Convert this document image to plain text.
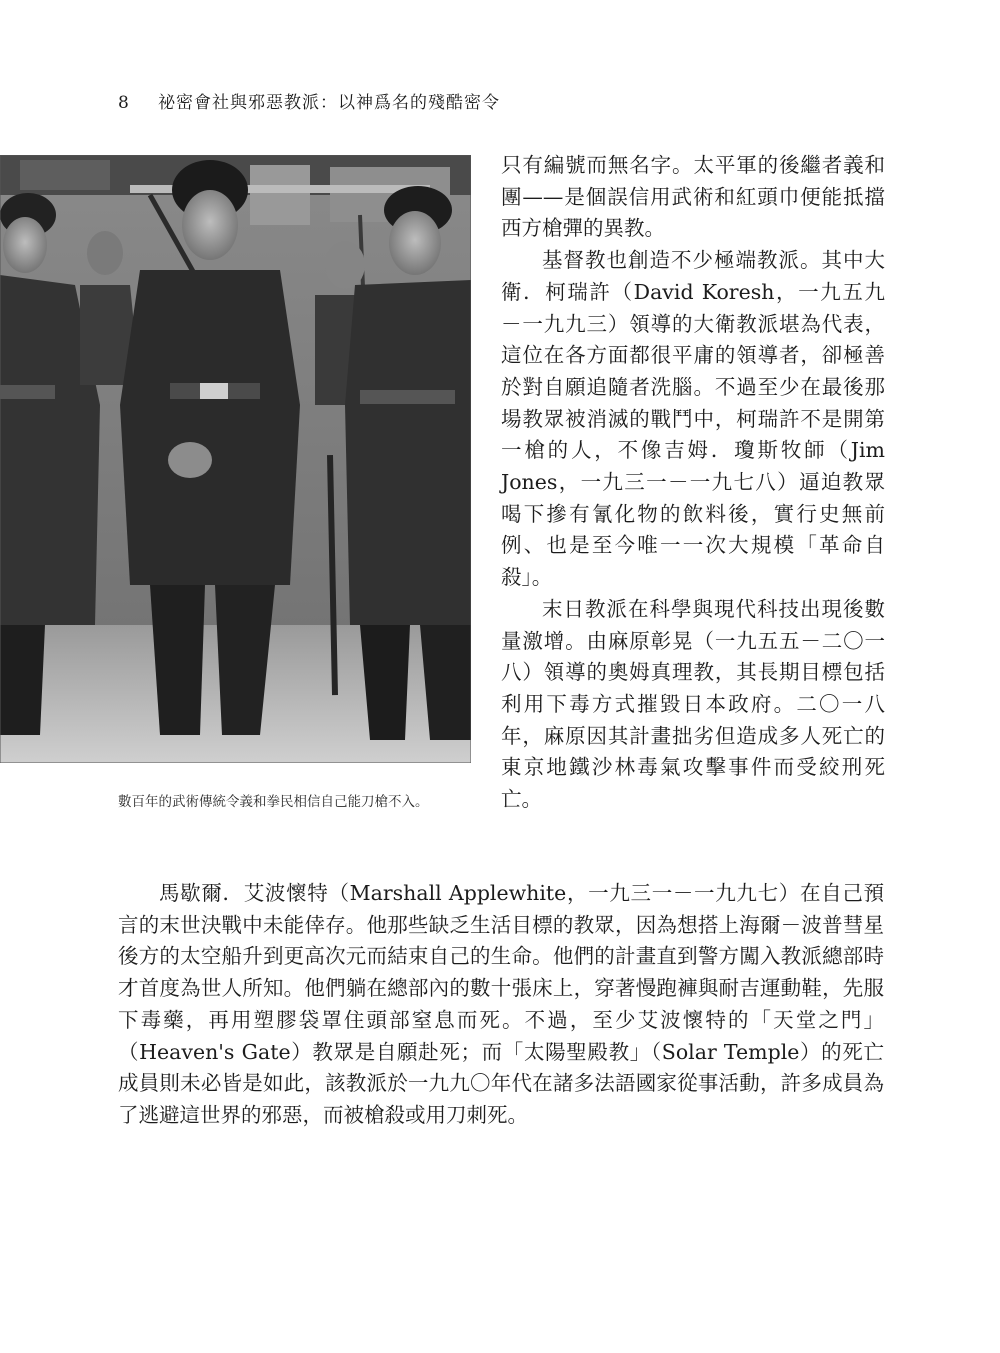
8 祕密會社與邪惡教派：以神爲名的殘酷密令
數百年的武術傳統令義和拳民相信自己能刀槍不入。

只有編號而無名字。太平軍的後繼者義和團——是個誤信用武術和紅頭巾便能抵擋西方槍彈的異教。

基督教也創造不少極端教派。其中大衛．柯瑞許（David Koresh，一九五九－一九九三）領導的大衛教派堪為代表，這位在各方面都很平庸的領導者，卻極善於對自願追隨者洗腦。不過至少在最後那場教眾被消滅的戰鬥中，柯瑞許不是開第一槍的人，不像吉姆．瓊斯牧師（Jim Jones，一九三一－一九七八）逼迫教眾喝下摻有氰化物的飲料後，實行史無前例、也是至今唯一一次大規模「革命自殺」。

末日教派在科學與現代科技出現後數量激增。由麻原彰晃（一九五五－二〇一八）領導的奧姆真理教，其長期目標包括利用下毒方式摧毀日本政府。二〇一八年，麻原因其計畫拙劣但造成多人死亡的東京地鐵沙林毒氣攻擊事件而受絞刑死亡。

馬歇爾．艾波懷特（Marshall Applewhite，一九三一－一九九七）在自己預言的末世決戰中未能倖存。他那些缺乏生活目標的教眾，因為想搭上海爾－波普彗星後方的太空船升到更高次元而結束自己的生命。他們的計畫直到警方闖入教派總部時才首度為世人所知。他們躺在總部內的數十張床上，穿著慢跑褲與耐吉運動鞋，先服下毒藥，再用塑膠袋罩住頭部窒息而死。不過，至少艾波懷特的「天堂之門」（Heaven's Gate）教眾是自願赴死；而「太陽聖殿教」（Solar Temple）的死亡成員則未必皆是如此，該教派於一九九〇年代在諸多法語國家從事活動，許多成員為了逃避這世界的邪惡，而被槍殺或用刀刺死。
